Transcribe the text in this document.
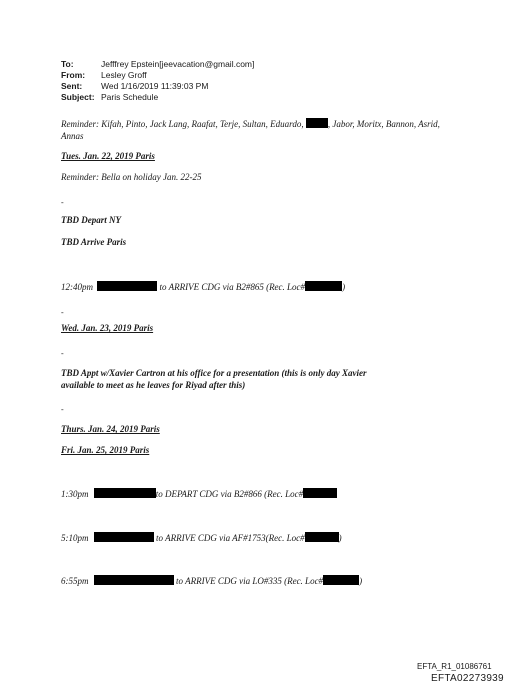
To:	Jefffrey Epstein[jeevacation@gmail.com]
From:	Lesley Groff
Sent:	Wed 1/16/2019 11:39:03 PM
Subject: Paris Schedule
Reminder: Kifah, Pinto, Jack Lang, Raafat, Terje, Sultan, Eduardo,	, Jabor, Moritx, Bannon, Asrid, Annas
Tues. Jan. 22, 2019 Paris
Reminder: Bella on holiday Jan. 22-25
-
TBD Depart NY
TBD Arrive Paris
12:40pm	to ARRIVE CDG via B2#865 (Rec. Loc#	)
-
Wed. Jan. 23, 2019 Paris
-
TBD Appt w/Xavier Cartron at his office for a presentation (this is only day Xavier
available to meet as he leaves for Riyad after this)
-
Thurs. Jan. 24, 2019 Paris
Fri. Jan. 25, 2019 Paris
1:30pm	to DEPART CDG via B2#866 (Rec. Loc#
5:10pm	to ARRIVE CDG via AF#1753(Rec. Loc#	)
6:55pm	to ARRIVE CDG via LO#335 (Rec. Loc#	)
EFTA_R1_01086761
EFTA02273939
